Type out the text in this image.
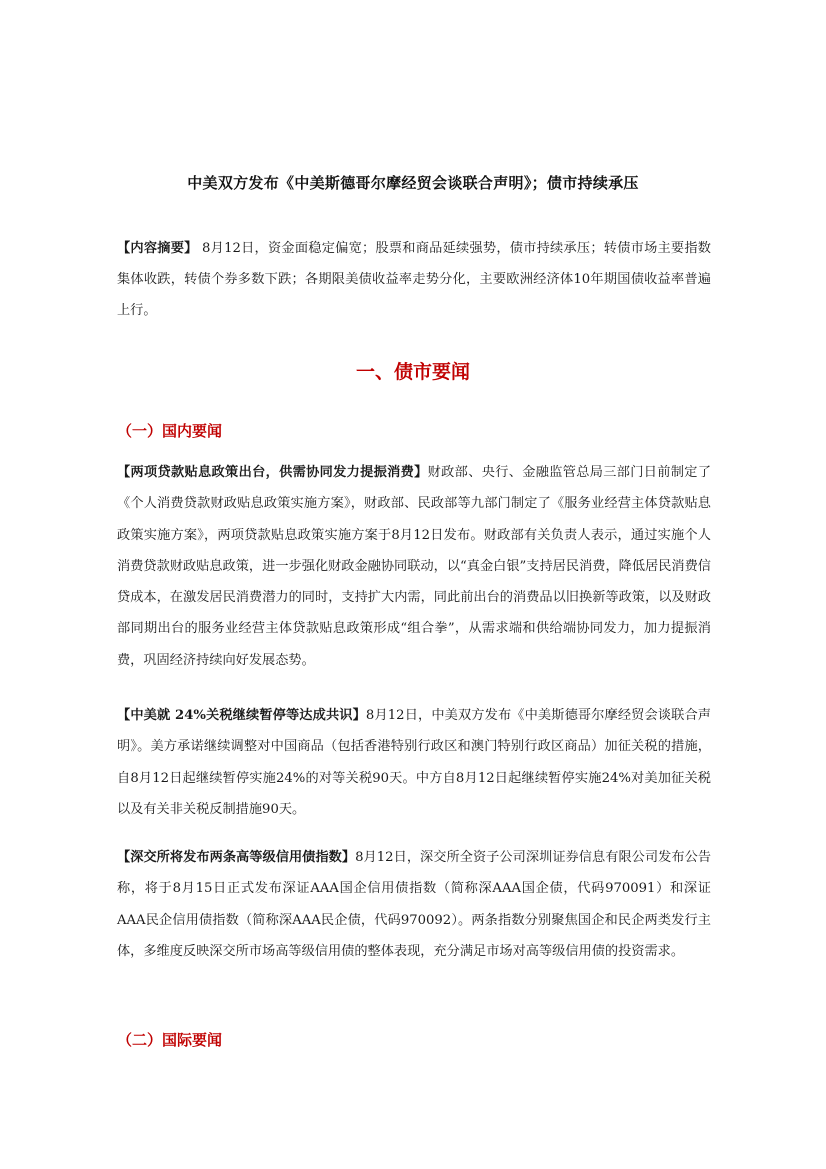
中美双方发布《中美斯德哥尔摩经贸会谈联合声明》；债市持续承压

【内容摘要】 8月12日，资金面稳定偏宽；股票和商品延续强势，债市持续承压；转债市场主要指数集体收跌，转债个券多数下跌；各期限美债收益率走势分化，主要欧洲经济体10年期国债收益率普遍上行。

一、债市要闻
（一）国内要闻

【两项贷款贴息政策出台，供需协同发力提振消费】财政部、央行、金融监管总局三部门日前制定了《个人消费贷款财政贴息政策实施方案》，财政部、民政部等九部门制定了《服务业经营主体贷款贴息政策实施方案》，两项贷款贴息政策实施方案于8月12日发布。财政部有关负责人表示，通过实施个人消费贷款财政贴息政策，进一步强化财政金融协同联动，以“真金白银”支持居民消费，降低居民消费信贷成本，在激发居民消费潜力的同时，支持扩大内需，同此前出台的消费品以旧换新等政策，以及财政部同期出台的服务业经营主体贷款贴息政策形成“组合拳”，从需求端和供给端协同发力，加力提振消费，巩固经济持续向好发展态势。

【中美就 24%关税继续暂停等达成共识】8月12日，中美双方发布《中美斯德哥尔摩经贸会谈联合声明》。美方承诺继续调整对中国商品（包括香港特别行政区和澳门特别行政区商品）加征关税的措施，自8月12日起继续暂停实施24%的对等关税90天。中方自8月12日起继续暂停实施24%对美加征关税以及有关非关税反制措施90天。

【深交所将发布两条高等级信用债指数】8月12日，深交所全资子公司深圳证券信息有限公司发布公告称，将于8月15日正式发布深证AAA国企信用债指数（简称深AAA国企债，代码970091）和深证AAA民企信用债指数（简称深AAA民企债，代码970092）。两条指数分别聚焦国企和民企两类发行主体，多维度反映深交所市场高等级信用债的整体表现，充分满足市场对高等级信用债的投资需求。

（二）国际要闻
